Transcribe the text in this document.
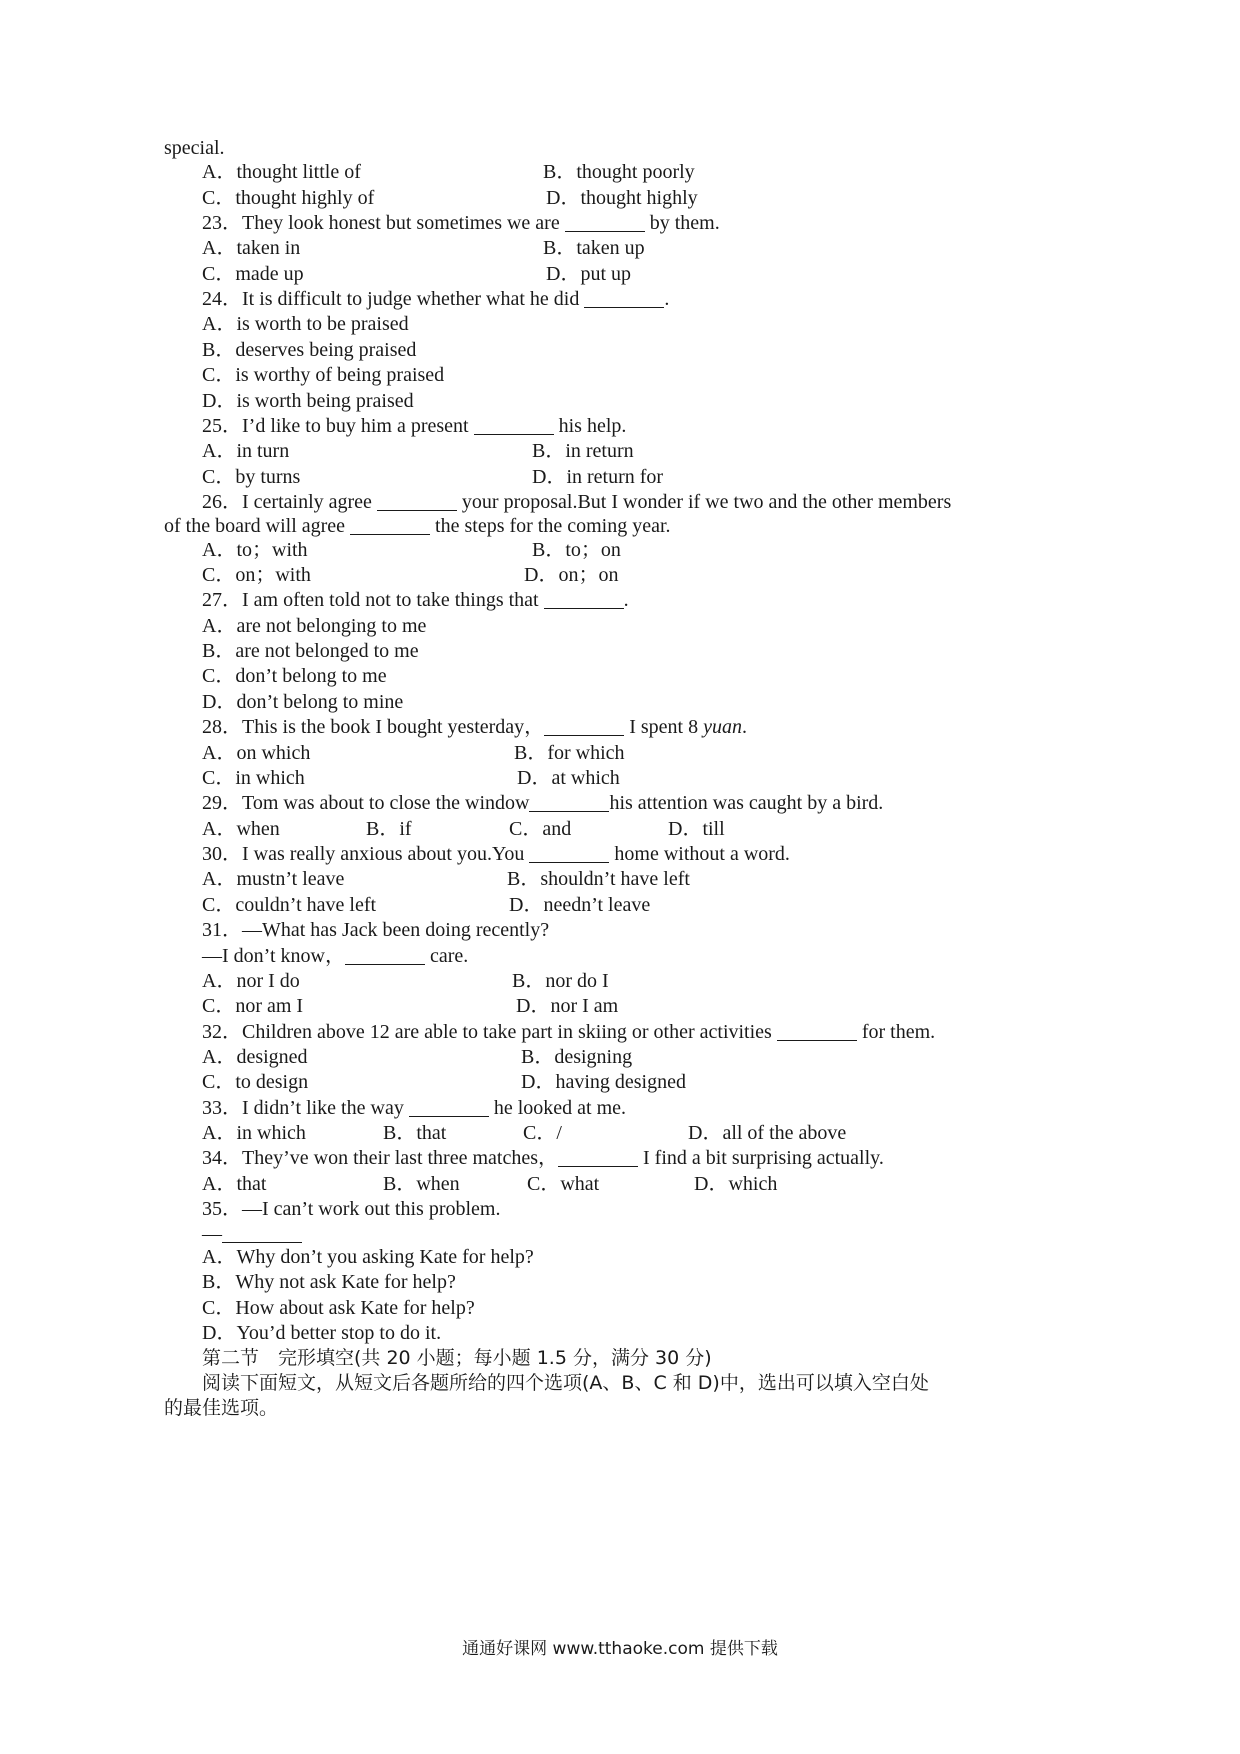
special.
A．thought little of	B．thought poorly
C．thought highly of	D．thought highly
23．They look honest but sometimes we are	by them.
A．taken in	B．taken up
C．made up	D．put up
24．It is difficult to judge whether what he did	.
A．is worth to be praised
B．deserves being praised
C．is worthy of being praised
D．is worth being praised
25．I’d like to buy him a present	his help.
A．in turn	B．in return
C．by turns	D．in return for
26．I certainly agree	your proposal.But I wonder if we two and the other members
of the board will agree	the steps for the coming year.
A．to；with	B．to；on
C．on；with	D．on；on
27．I am often told not to take things that	.
A．are not belonging to me
B．are not belonged to me
C．don’t belong to me
D．don’t belong to mine
28．This is the book I bought yesterday，	I spent 8 yuan.
A．on which	B．for which
C．in which	D．at which
29．Tom was about to close the window	his attention was caught by a bird.
A．when	B．if	C．and	D．till
30．I was really anxious about you.You	home without a word.
A．mustn’t leave	B．shouldn’t have left
C．couldn’t have left	D．needn’t leave
31．—What has Jack been doing recently?
—I don’t know，	care.
A．nor I do	B．nor do I
C．nor am I	D．nor I am
32．Children above 12 are able to take part in skiing or other activities	for them.
A．designed	B．designing
C．to design	D．having designed
33．I didn’t like the way	he looked at me.
A．in which	B．that	C．/	D．all of the above
34．They’ve won their last three matches，	I find a bit surprising actually.
A．that	B．when	C．what	D．which
35．—I can’t work out this problem.
—
A．Why don’t you asking Kate for help?
B．Why not ask Kate for help?
C．How about ask Kate for help?
D．You’d better stop to do it.
第二节　完形填空(共 20 小题；每小题 1.5 分，满分 30 分)
阅读下面短文，从短文后各题所给的四个选项(A、B、C 和 D)中，选出可以填入空白处
的最佳选项。
通通好课网 www.tthaoke.com 提供下载
